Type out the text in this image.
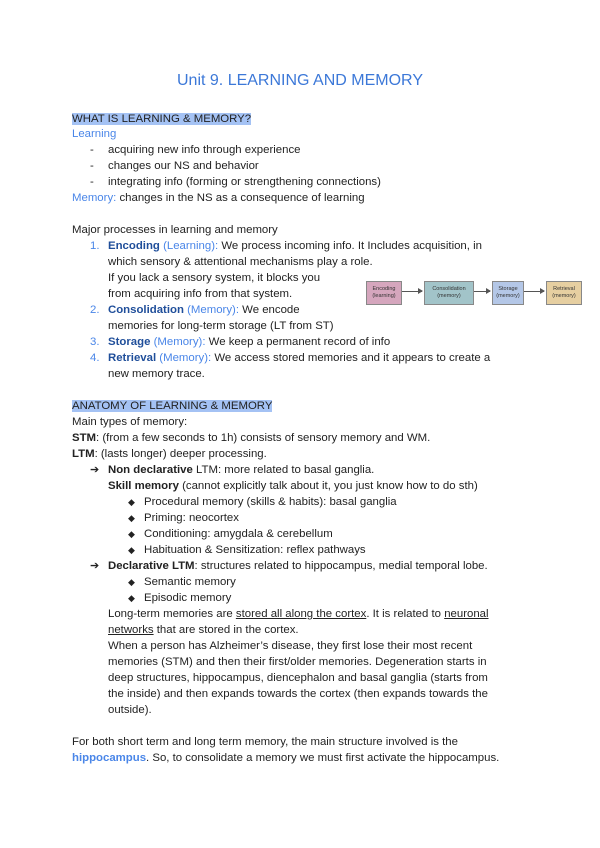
Unit 9. LEARNING AND MEMORY
WHAT IS LEARNING & MEMORY?
Learning
- acquiring new info through experience
- changes our NS and behavior
- integrating info (forming or strengthening connections)
Memory: changes in the NS as a consequence of learning
Major processes in learning and memory
1. Encoding (Learning): We process incoming info. It Includes acquisition, in
which sensory & attentional mechanisms play a role.
If you lack a sensory system, it blocks you
from acquiring info from that system.
2. Consolidation (Memory): We encode
memories for long-term storage (LT from ST)
3. Storage (Memory): We keep a permanent record of info
4. Retrieval (Memory): We access stored memories and it appears to create a
new memory trace.
Encoding
(learning)
Consolidation
(memory)
Storage
(memory)
Retrieval
(memory)
ANATOMY OF LEARNING & MEMORY
Main types of memory:
STM: (from a few seconds to 1h) consists of sensory memory and WM.
LTM: (lasts longer) deeper processing.
➔ Non declarative LTM: more related to basal ganglia.
Skill memory (cannot explicitly talk about it, you just know how to do sth)
◆ Procedural memory (skills & habits): basal ganglia
◆ Priming: neocortex
◆ Conditioning: amygdala & cerebellum
◆ Habituation & Sensitization: reflex pathways
➔ Declarative LTM: structures related to hippocampus, medial temporal lobe.
◆ Semantic memory
◆ Episodic memory
Long-term memories are stored all along the cortex. It is related to neuronal
networks that are stored in the cortex.
When a person has Alzheimer’s disease, they first lose their most recent
memories (STM) and then their first/older memories. Degeneration starts in
deep structures, hippocampus, diencephalon and basal ganglia (starts from
the inside) and then expands towards the cortex (then expands towards the
outside).
For both short term and long term memory, the main structure involved is the
hippocampus. So, to consolidate a memory we must first activate the hippocampus.
